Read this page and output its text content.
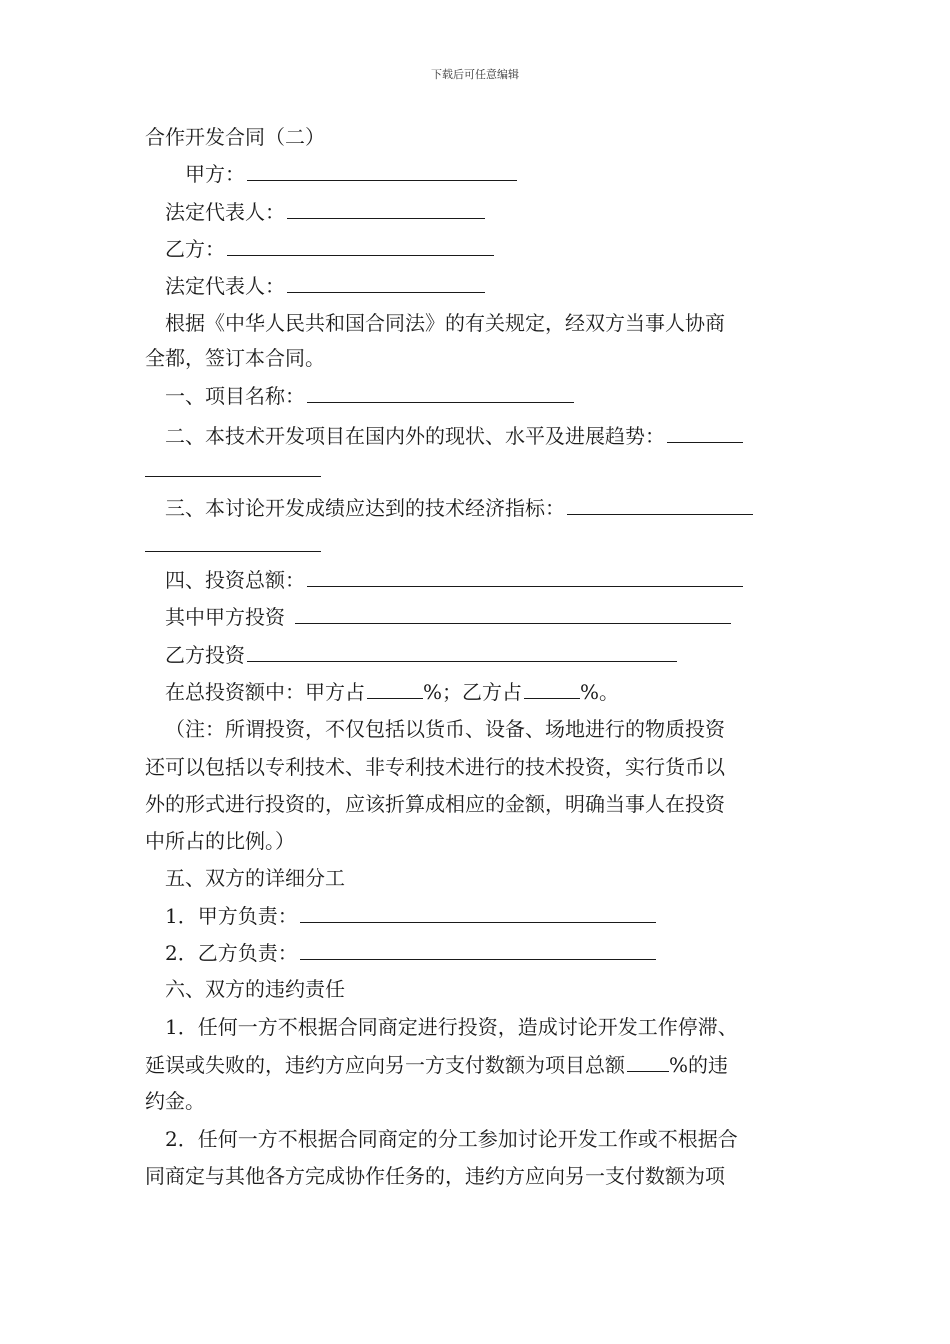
下载后可任意编辑
合作开发合同（二）
甲方：
法定代表人：
乙方：
法定代表人：
根据《中华人民共和国合同法》的有关规定，经双方当事人协商
全都，签订本合同。
一、项目名称：
二、本技术开发项目在国内外的现状、水平及进展趋势：
三、本讨论开发成绩应达到的技术经济指标：
四、投资总额：
其中甲方投资
乙方投资
在总投资额中：甲方占	%；乙方占	%。
（注：所谓投资，不仅包括以货币、设备、场地进行的物质投资
还可以包括以专利技术、非专利技术进行的技术投资，实行货币以
外的形式进行投资的，应该折算成相应的金额，明确当事人在投资
中所占的比例。）
五、双方的详细分工
1．甲方负责：
2．乙方负责：
六、双方的违约责任
1．任何一方不根据合同商定进行投资，造成讨论开发工作停滞、
延误或失败的，违约方应向另一方支付数额为项目总额 %的违
约金。
2．任何一方不根据合同商定的分工参加讨论开发工作或不根据合
同商定与其他各方完成协作任务的，违约方应向另一支付数额为项
